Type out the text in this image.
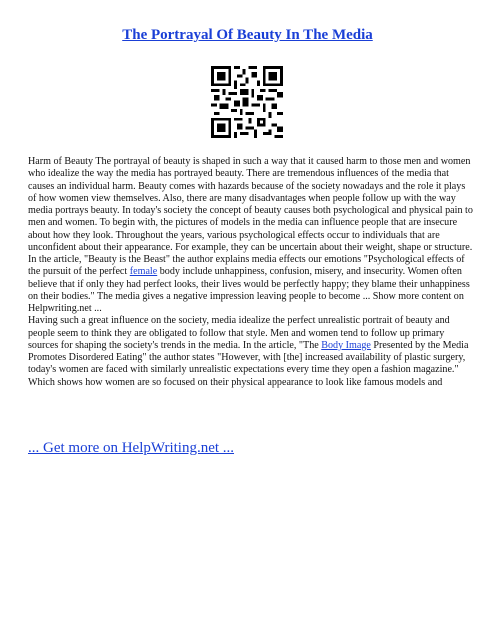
The Portrayal Of Beauty In The Media

Harm of Beauty The portrayal of beauty is shaped in such a way that it caused harm to those men and women who idealize the way the media has portrayed beauty. There are tremendous influences of the media that causes an individual harm. Beauty comes with hazards because of the society nowadays and the role it plays of how women view themselves. Also, there are many disadvantages when people follow up with the way media portrays beauty. In today's society the concept of beauty causes both psychological and physical pain to men and women. To begin with, the pictures of models in the media can influence people that are insecure about how they look. Throughout the years, various psychological effects occur to individuals that are unconfident about their appearance. For example, they can be uncertain about their weight, shape or structure. In the article, "Beauty is the Beast" the author explains media effects our emotions "Psychological effects of the pursuit of the perfect female body include unhappiness, confusion, misery, and insecurity. Women often believe that if only they had perfect looks, their lives would be perfectly happy; they blame their unhappiness on their bodies." The media gives a negative impression leaving people to become ... Show more content on Helpwriting.net ...

Having such a great influence on the society, media idealize the perfect unrealistic portrait of beauty and people seem to think they are obligated to follow that style. Men and women tend to follow up primary sources for shaping the society's trends in the media. In the article, "The Body Image Presented by the Media Promotes Disordered Eating" the author states "However, with [the] increased availability of plastic surgery, today's women are faced with similarly unrealistic expectations every time they open a fashion magazine." Which shows how women are so focused on their physical appearance to look like famous models and

... Get more on HelpWriting.net ...
